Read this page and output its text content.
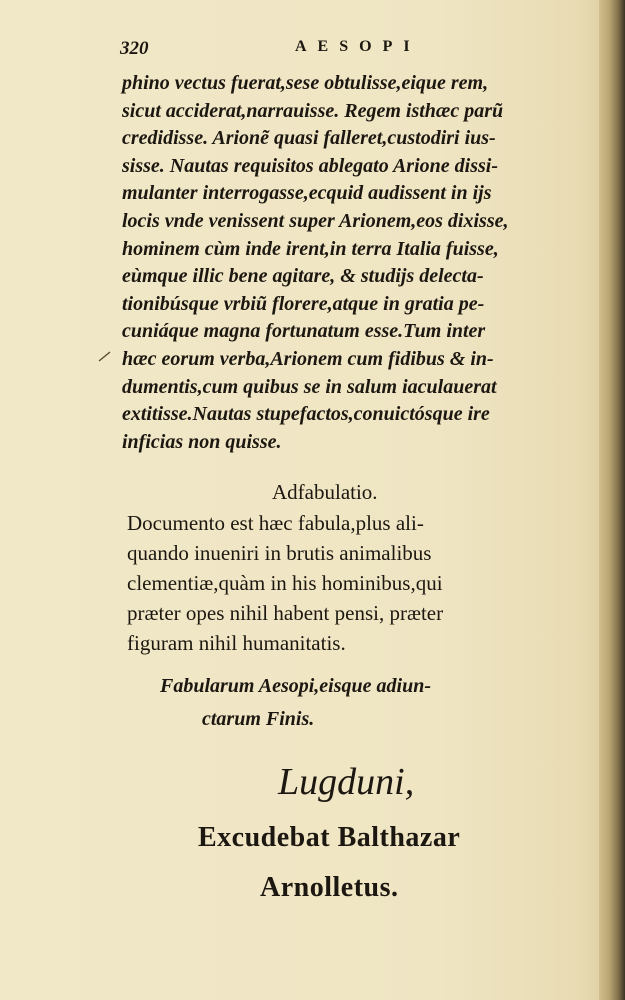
320	AESOPI
phino vectus fuerat,sese obtulisse,eique rem,
sicut acciderat,narrauisse. Regem isthæc parũ
credidisse. Arionẽ quasi falleret,custodiri ius-
sisse. Nautas requisitos ablegato Arione dissi-
mulanter interrogasse,ecquid audissent in ijs
locis vnde venissent super Arionem,eos dixisse,
hominem cùm inde irent,in terra Italia fuisse,
eùmque illic bene agitare, & studijs delecta-
tionibúsque vrbiũ florere,atque in gratia pe-
cuniáque magna fortunatum esse.Tum inter
hæc eorum verba,Arionem cum fidibus & in-
dumentis,cum quibus se in salum iaculauerat
extitisse.Nautas stupefactos,conuictósque ire
inficias non quisse.
Adfabulatio.
Documento est hæc fabula,plus ali-
quando inueniri in brutis animalibus
clementiæ,quàm in his hominibus,qui
præter opes nihil habent pensi, præter
figuram nihil humanitatis.
Fabularum Aesopi,eisque adiun-
ctarum Finis.
Lugduni,
Excudebat Balthazar
Arnolletus.
